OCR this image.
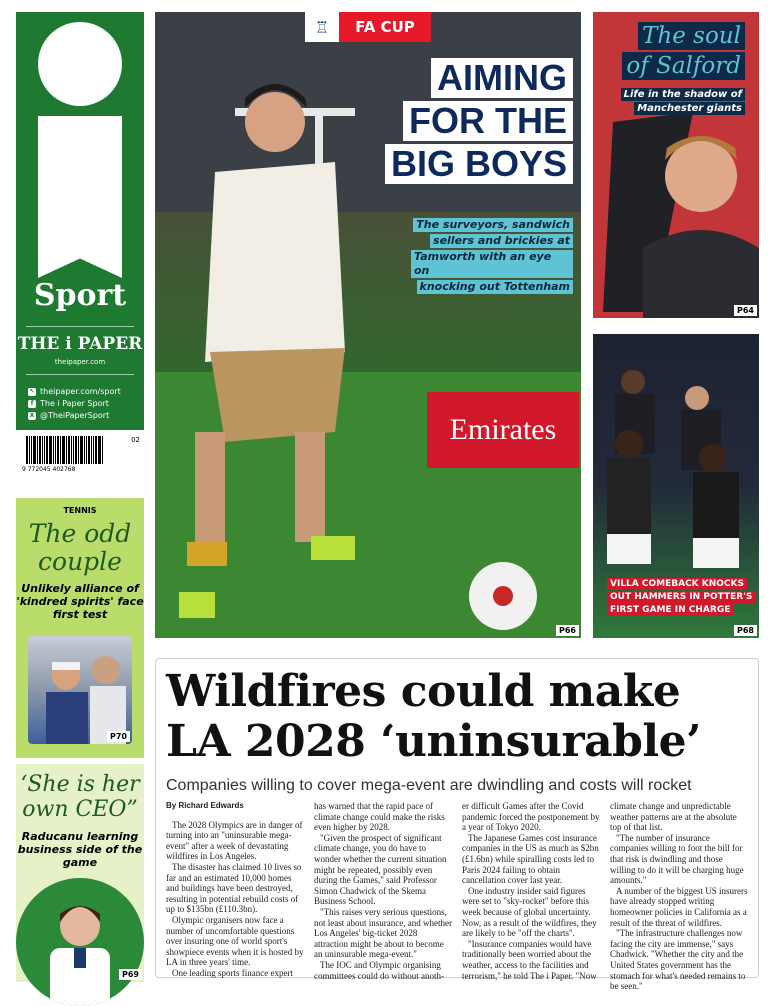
Sport
THE i PAPER
theipaper.com
↖ theipaper.com/sport
f The i Paper Sport
X @TheiPaperSport
9 772045 402768
02
TENNIS
The odd couple
Unlikely alliance of 'kindred spirits' face first test
P70
‘She is her own CEO”
Raducanu learning business side of the game
P69
♖	FA CUP
AIMING
FOR THE
BIG BOYS
The surveyors, sandwich
sellers and brickies at
Tamworth with an eye on
knocking out Tottenham
Emirates
P66
The soul
of Salford
Life in the shadow of
Manchester giants
P64
VILLA COMEBACK KNOCKS
OUT HAMMERS IN POTTER'S
FIRST GAME IN CHARGE
P68
Wildfires could make LA 2028 ‘uninsurable’
Companies willing to cover mega-event are dwindling and costs will rocket

By Richard Edwards

The 2028 Olympics are in danger of turning into an "uninsurable mega-event" after a week of devastating wildfires in Los Angeles.

The disaster has claimed 10 lives so far and an estimated 10,000 homes and buildings have been destroyed, resulting in potential rebuild costs of up to $135bn (£110.3bn).

Olympic organisers now face a number of uncomfortable questions over insuring one of world sport's showpiece events when it is hosted by LA in three years' time.

One leading sports finance expert

has warned that the rapid pace of climate change could make the risks even higher by 2028.

"Given the prospect of significant climate change, you do have to wonder whether the current situation might be repeated, possibly even during the Games," said Professor Simon Chadwick of the Skema Business School.

"This raises very serious questions, not least about insurance, and whether Los Angeles' big-ticket 2028 attraction might be about to become an uninsurable mega-event."

The IOC and Olympic organising committees could do without anoth-

er difficult Games after the Covid pandemic forced the postponement by a year of Tokyo 2020.

The Japanese Games cost insurance companies in the US as much as $2bn (£1.6bn) while spiralling costs led to Paris 2024 failing to obtain cancellation cover last year.

One industry insider said figures were set to "sky-rocket" before this week because of global uncertainty. Now, as a result of the wildfires, they are likely to be "off the charts".

"Insurance companies would have traditionally been worried about the weather, access to the facilities and terrorism," he told The i Paper. "Now

climate change and unpredictable weather patterns are at the absolute top of that list.

"The number of insurance companies willing to foot the bill for that risk is dwindling and those willing to do it will be charging huge amounts."

A number of the biggest US insurers have already stopped writing homeowner policies in California as a result of the threat of wildfires.

"The infrastructure challenges now facing the city are immense," says Chadwick. "Whether the city and the United States government has the stomach for what's needed remains to be seen."
